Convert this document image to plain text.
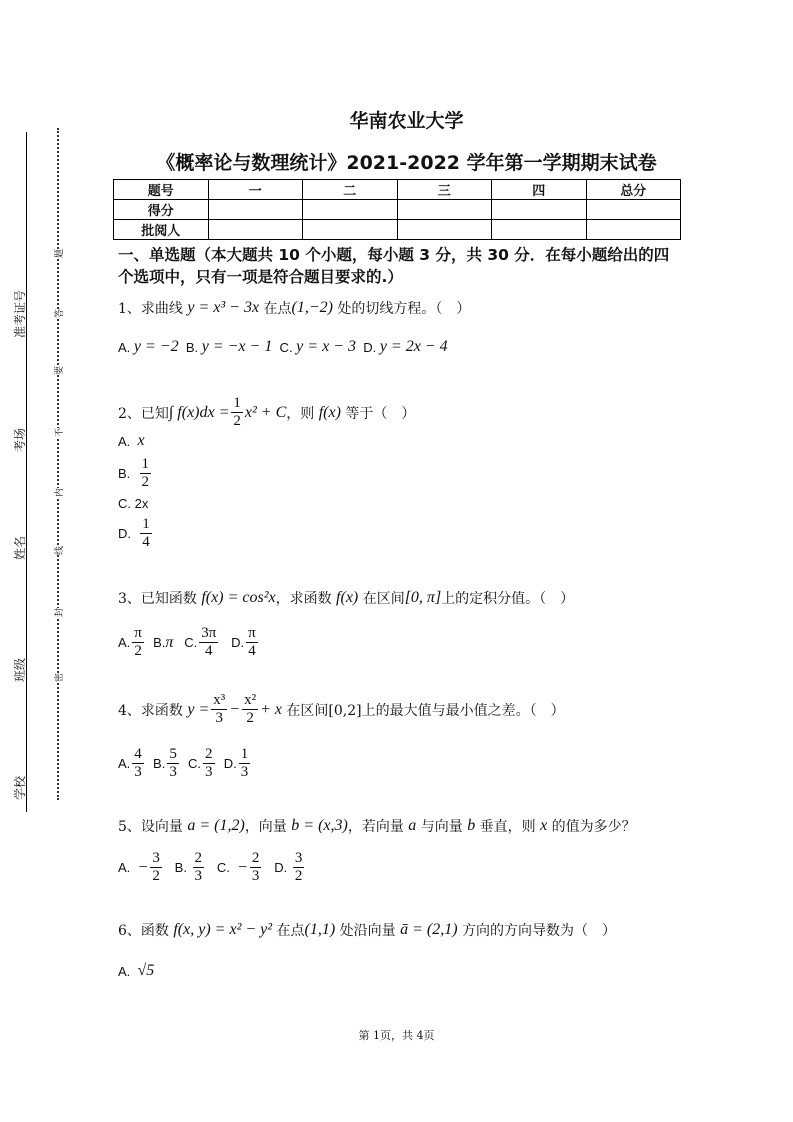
华南农业大学
《概率论与数理统计》2021-2022 学年第一学期期末试卷
题号	一	二	三	四	总分
得分					
批阅人					
一、单选题（本大题共 10 个小题，每小题 3 分，共 30 分．在每小题给出的四个选项中，只有一项是符合题目要求的.）
1、求曲线 y = x³ − 3x 在点 (1,−2) 处的切线方程。（　）
A. y = −2 B. y = −x − 1 C. y = x − 3 D. y = 2x − 4
2、已知 ∫ $f(x)dx = \frac{1}{2} x^2 + C$ ，则 f(x) 等于（　）
A. x
B. $\frac{1}{2}$
C. 2x
D. $\frac{1}{4}$
3、已知函数 f(x) = cos²x ，求函数 f(x) 在区间 [0, π] 上的定积分值。（　）
A. $\frac{\pi}{2} B$. π C. $\frac{3\pi}{4} D$. $\frac{\pi}{4}$
4、求函数 $y = \frac{\text{x³}}{3} - \frac{\text{x²}}{2} + x$ 在区间[0,2]上的最大值与最小值之差。（　）
A. $\frac{4}{3} B$. $\frac{5}{3} C$. $\frac{2}{3} D$. $\frac{1}{3}$
5、设向量 a = (1,2) ，向量 b = (x,3) ，若向量 a 与向量 b 垂直，则 x 的值为多少？
A. − $\frac{3}{2} B$. $\frac{2}{3} C$. − $\frac{2}{3} D$. $\frac{3}{2}$
6、函数 f(x, y) = x² − y² 在点 (1,1) 处沿向量 ā = (2,1) 方向的方向导数为（　）
A. √5
学校
班级
姓名
考场
准考证号
密
封
线
内
不
要
答
题
第 1页，共 4页
